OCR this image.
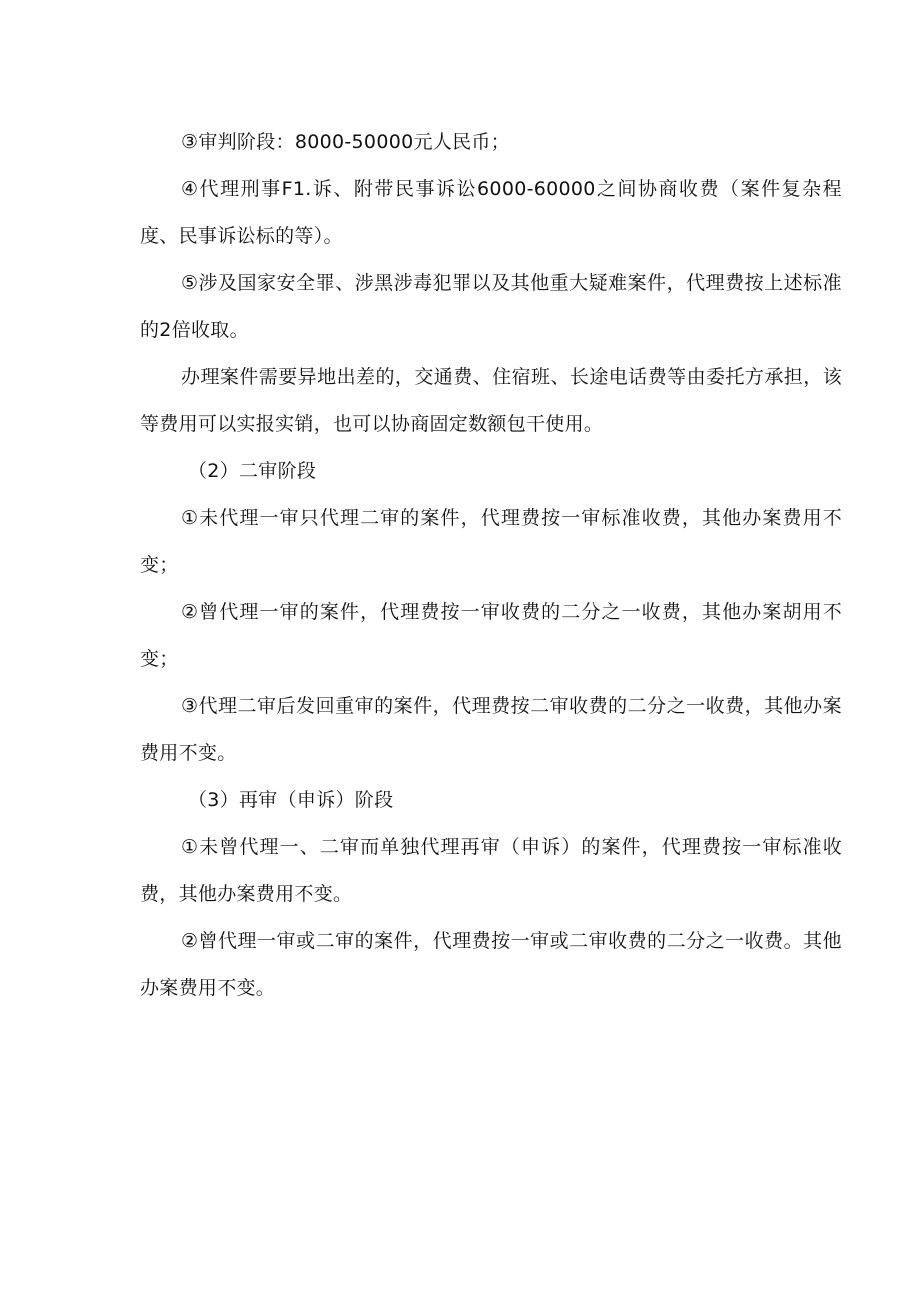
③审判阶段：8000-50000元人民币；

④代理刑事F1.诉、附带民事诉讼6000-60000之间协商收费（案件复杂程度、民事诉讼标的等）。

⑤涉及国家安全罪、涉黑涉毒犯罪以及其他重大疑难案件，代理费按上述标准的2倍收取。

办理案件需要异地出差的，交通费、住宿班、长途电话费等由委托方承担，该等费用可以实报实销，也可以协商固定数额包干使用。

（2）二审阶段

①未代理一审只代理二审的案件，代理费按一审标准收费，其他办案费用不变；

②曾代理一审的案件，代理费按一审收费的二分之一收费，其他办案胡用不变；

③代理二审后发回重审的案件，代理费按二审收费的二分之一收费，其他办案费用不变。

（3）再审（申诉）阶段

①未曾代理一、二审而单独代理再审（申诉）的案件，代理费按一审标准收费，其他办案费用不变。

②曾代理一审或二审的案件，代理费按一审或二审收费的二分之一收费。其他办案费用不变。
